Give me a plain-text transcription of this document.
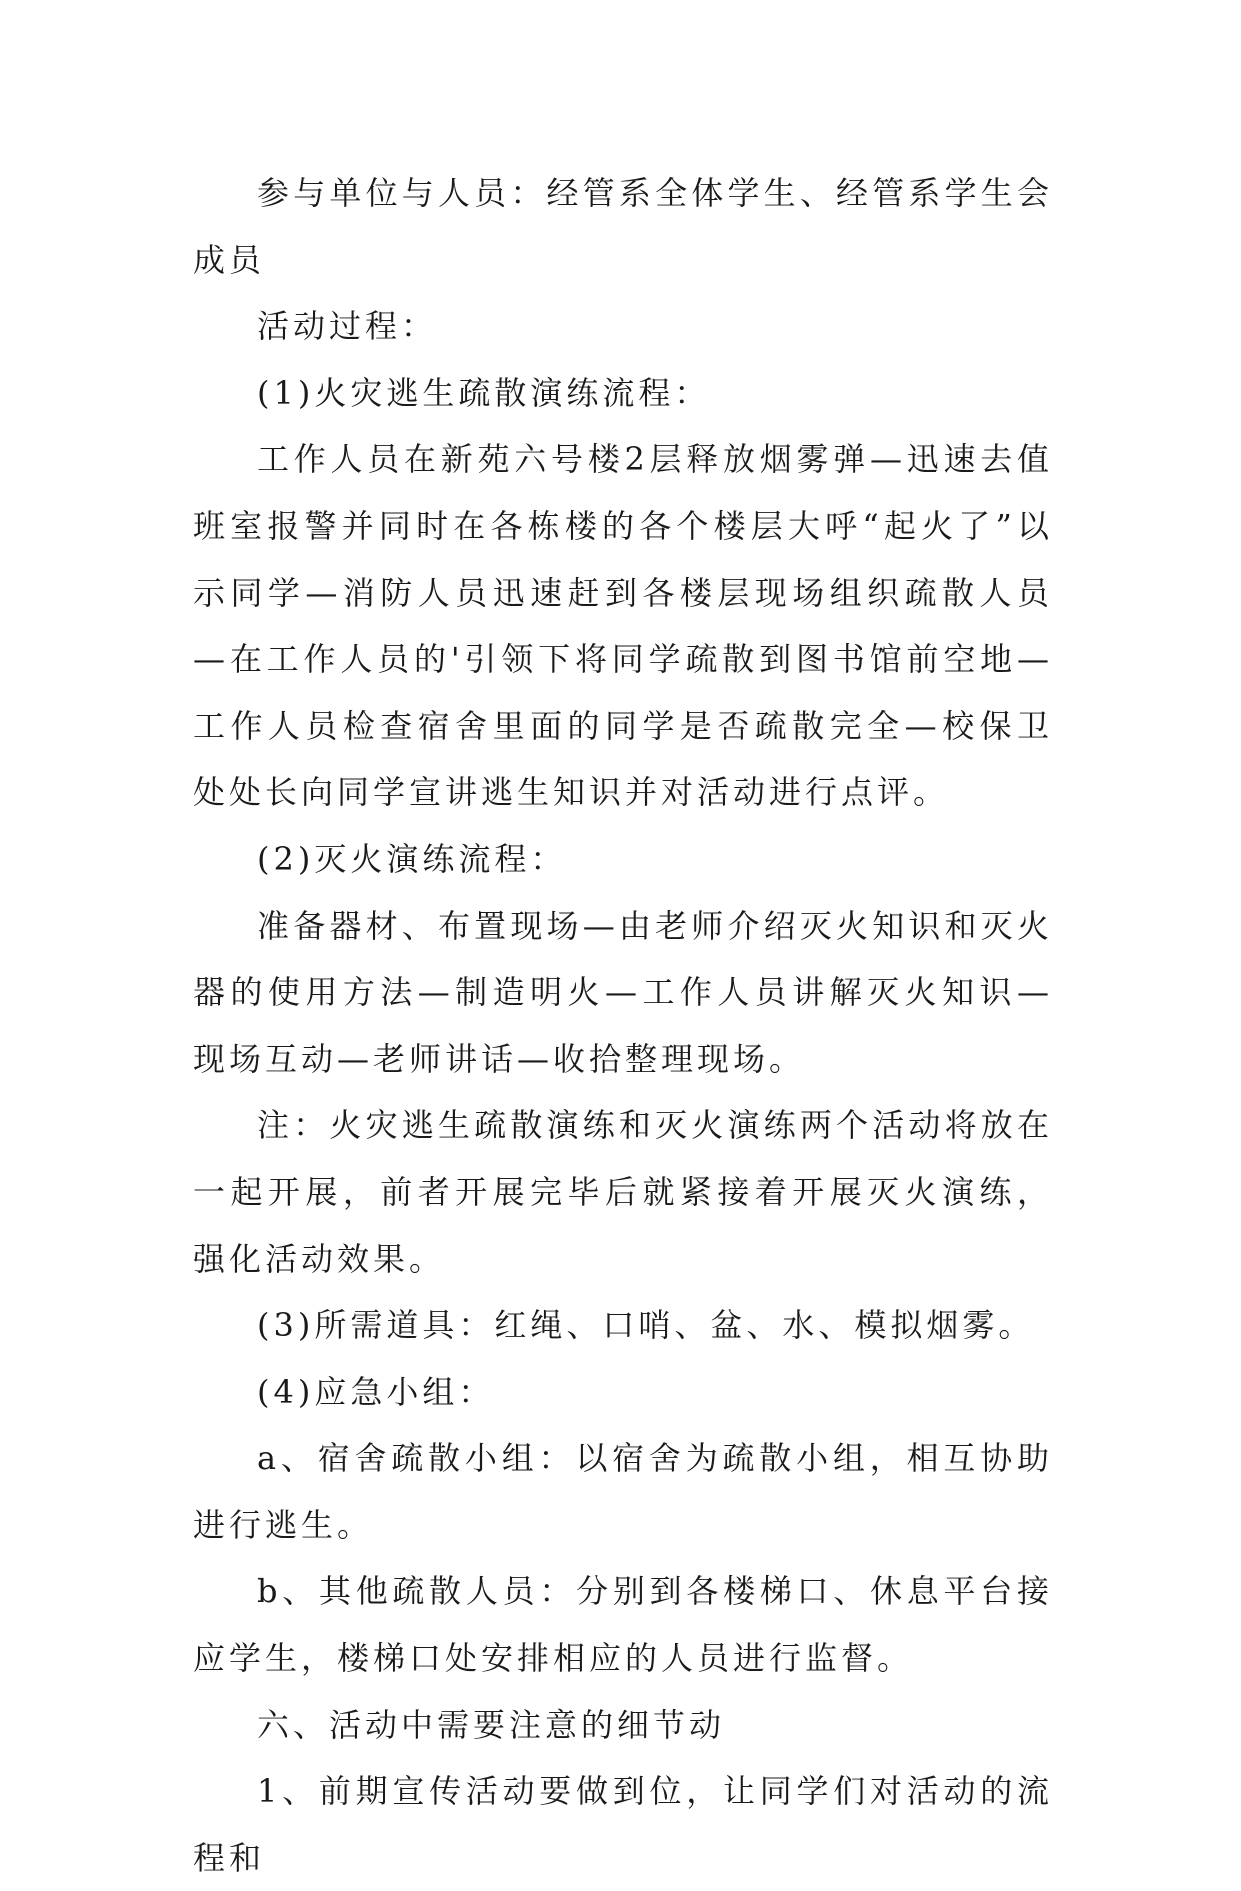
参与单位与人员：经管系全体学生、经管系学生会成员

活动过程：

(1)火灾逃生疏散演练流程：

工作人员在新苑六号楼2层释放烟雾弹—迅速去值班室报警并同时在各栋楼的各个楼层大呼“起火了”以示同学—消防人员迅速赶到各楼层现场组织疏散人员—在工作人员的'引领下将同学疏散到图书馆前空地—工作人员检查宿舍里面的同学是否疏散完全—校保卫处处长向同学宣讲逃生知识并对活动进行点评。

(2)灭火演练流程：

准备器材、布置现场—由老师介绍灭火知识和灭火器的使用方法—制造明火—工作人员讲解灭火知识—现场互动—老师讲话—收拾整理现场。

注：火灾逃生疏散演练和灭火演练两个活动将放在一起开展，前者开展完毕后就紧接着开展灭火演练，强化活动效果。

(3)所需道具：红绳、口哨、盆、水、模拟烟雾。

(4)应急小组：

a、宿舍疏散小组：以宿舍为疏散小组，相互协助进行逃生。

b、其他疏散人员：分别到各楼梯口、休息平台接应学生，楼梯口处安排相应的人员进行监督。

六、活动中需要注意的细节动

1、前期宣传活动要做到位，让同学们对活动的流程和
